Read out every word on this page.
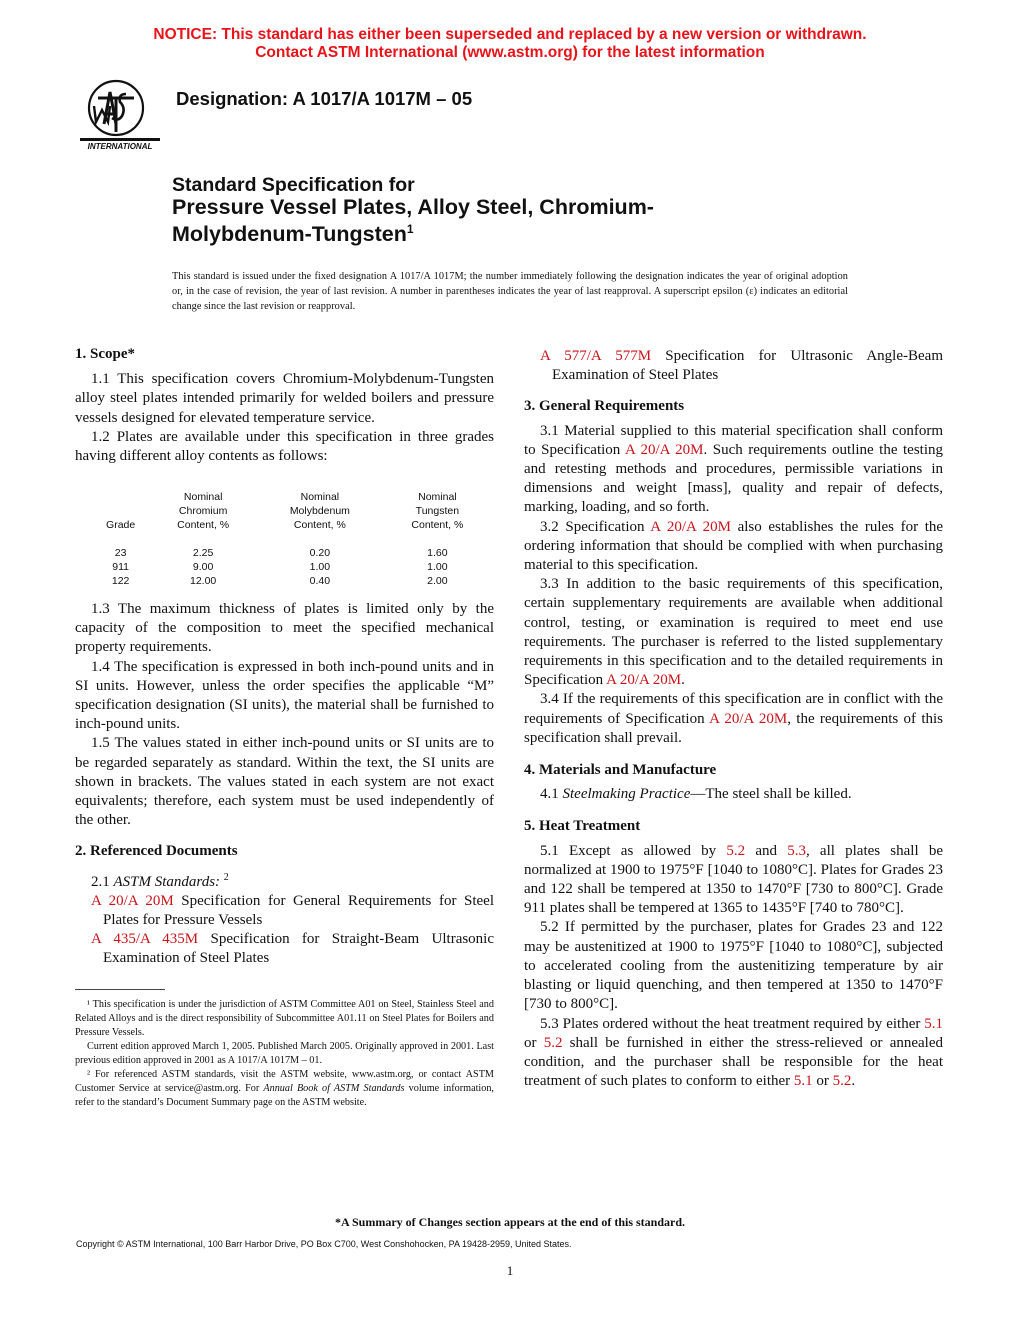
NOTICE: This standard has either been superseded and replaced by a new version or withdrawn.
Contact ASTM International (www.astm.org) for the latest information
INTERNATIONAL
Designation: A 1017/A 1017M – 05
Standard Specification for
Pressure Vessel Plates, Alloy Steel, Chromium-
Molybdenum-Tungsten$^1$
This standard is issued under the fixed designation A 1017/A 1017M; the number immediately following the designation indicates the year of original adoption or, in the case of revision, the year of last revision. A number in parentheses indicates the year of last reapproval. A superscript epsilon (ε) indicates an editorial change since the last revision or reapproval.

1. Scope*

1.1 This specification covers Chromium-Molybdenum-Tungsten alloy steel plates intended primarily for welded boilers and pressure vessels designed for elevated temperature service.

1.2 Plates are available under this specification in three grades having different alloy contents as follows:

Grade	Nominal Chromium Content, %	Nominal Molybdenum Content, %	Nominal Tungsten Content, %

23	2.25	0.20	1.60
911	9.00	1.00	1.00
122	12.00	0.40	2.00

1.3 The maximum thickness of plates is limited only by the capacity of the composition to meet the specified mechanical property requirements.

1.4 The specification is expressed in both inch-pound units and in SI units. However, unless the order specifies the applicable “M” specification designation (SI units), the material shall be furnished to inch-pound units.

1.5 The values stated in either inch-pound units or SI units are to be regarded separately as standard. Within the text, the SI units are shown in brackets. The values stated in each system are not exact equivalents; therefore, each system must be used independently of the other.

2. Referenced Documents

2.1 ASTM Standards: $^2$

A 20/A 20M Specification for General Requirements for Steel Plates for Pressure Vessels

A 435/A 435M Specification for Straight-Beam Ultrasonic Examination of Steel Plates

¹ This specification is under the jurisdiction of ASTM Committee A01 on Steel, Stainless Steel and Related Alloys and is the direct responsibility of Subcommittee A01.11 on Steel Plates for Boilers and Pressure Vessels.

Current edition approved March 1, 2005. Published March 2005. Originally approved in 2001. Last previous edition approved in 2001 as A 1017/A 1017M – 01.

² For referenced ASTM standards, visit the ASTM website, www.astm.org, or contact ASTM Customer Service at service@astm.org. For Annual Book of ASTM Standards volume information, refer to the standard’s Document Summary page on the ASTM website.

A 577/A 577M Specification for Ultrasonic Angle-Beam Examination of Steel Plates

3. General Requirements

3.1 Material supplied to this material specification shall conform to Specification A 20/A 20M. Such requirements outline the testing and retesting methods and procedures, permissible variations in dimensions and weight [mass], quality and repair of defects, marking, loading, and so forth.

3.2 Specification A 20/A 20M also establishes the rules for the ordering information that should be complied with when purchasing material to this specification.

3.3 In addition to the basic requirements of this specification, certain supplementary requirements are available when additional control, testing, or examination is required to meet end use requirements. The purchaser is referred to the listed supplementary requirements in this specification and to the detailed requirements in Specification A 20/A 20M.

3.4 If the requirements of this specification are in conflict with the requirements of Specification A 20/A 20M, the requirements of this specification shall prevail.

4. Materials and Manufacture

4.1 Steelmaking Practice—The steel shall be killed.

5. Heat Treatment

5.1 Except as allowed by 5.2 and 5.3, all plates shall be normalized at 1900 to 1975°F [1040 to 1080°C]. Plates for Grades 23 and 122 shall be tempered at 1350 to 1470°F [730 to 800°C]. Grade 911 plates shall be tempered at 1365 to 1435°F [740 to 780°C].

5.2 If permitted by the purchaser, plates for Grades 23 and 122 may be austenitized at 1900 to 1975°F [1040 to 1080°C], subjected to accelerated cooling from the austenitizing temperature by air blasting or liquid quenching, and then tempered at 1350 to 1470°F [730 to 800°C].

5.3 Plates ordered without the heat treatment required by either 5.1 or 5.2 shall be furnished in either the stress-relieved or annealed condition, and the purchaser shall be responsible for the heat treatment of such plates to conform to either 5.1 or 5.2.

*A Summary of Changes section appears at the end of this standard.
Copyright © ASTM International, 100 Barr Harbor Drive, PO Box C700, West Conshohocken, PA 19428-2959, United States.
1
